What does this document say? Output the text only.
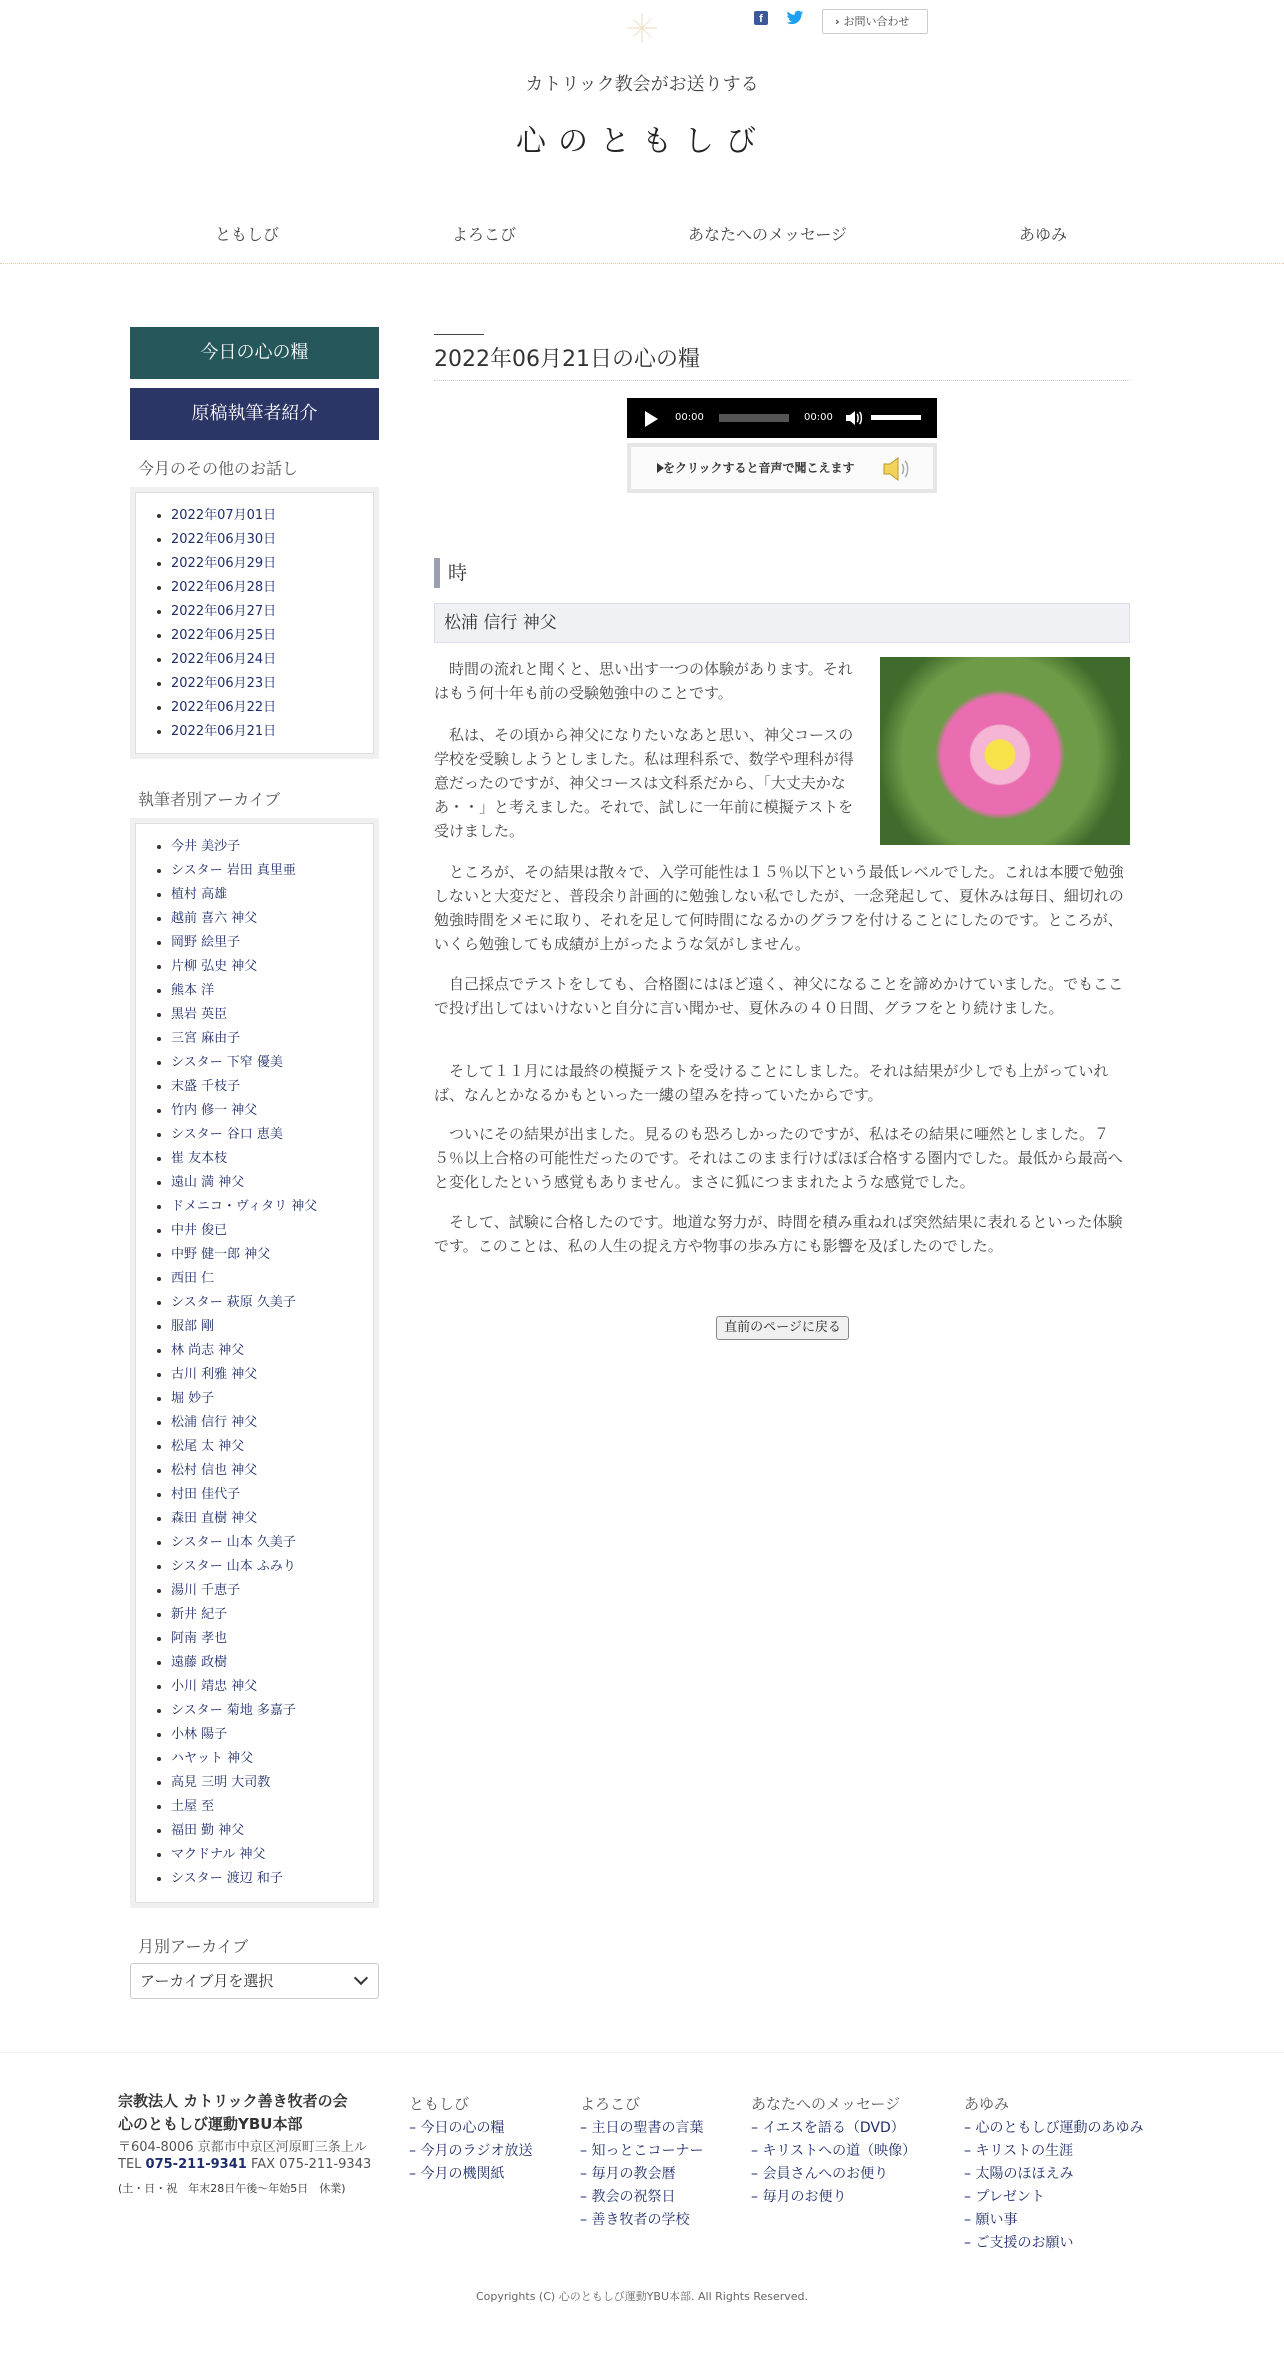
f	› お問い合わせ
カトリック教会がお送りする
心のともしび
ともしび	よろこび	あなたへのメッセージ	あゆみ
今日の心の糧
原稿執筆者紹介
今月のその他のお話し
2022年07月01日
2022年06月30日
2022年06月29日
2022年06月28日
2022年06月27日
2022年06月25日
2022年06月24日
2022年06月23日
2022年06月22日
2022年06月21日
執筆者別アーカイブ
今井 美沙子
シスター 岩田 真里亜
植村 高雄
越前 喜六 神父
岡野 絵里子
片柳 弘史 神父
熊本 洋
黒岩 英臣
三宮 麻由子
シスター 下窄 優美
末盛 千枝子
竹内 修一 神父
シスター 谷口 恵美
崔 友本枝
遠山 満 神父
ドメニコ・ヴィタリ 神父
中井 俊已
中野 健一郎 神父
西田 仁
シスター 萩原 久美子
服部 剛
林 尚志 神父
古川 利雅 神父
堀 妙子
松浦 信行 神父
松尾 太 神父
松村 信也 神父
村田 佳代子
森田 直樹 神父
シスター 山本 久美子
シスター 山本 ふみり
湯川 千恵子
新井 紀子
阿南 孝也
遠藤 政樹
小川 靖忠 神父
シスター 菊地 多嘉子
小林 陽子
ハヤット 神父
高見 三明 大司教
土屋 至
福田 勤 神父
マクドナル 神父
シスター 渡辺 和子
月別アーカイブ
アーカイブ月を選択
2022年06月21日の心の糧
00:00	00:00
をクリックすると音声で聞こえます
時
松浦 信行 神父
時間の流れと聞くと、思い出す一つの体験があります。それはもう何十年も前の受験勉強中のことです。
私は、その頃から神父になりたいなあと思い、神父コースの学校を受験しようとしました。私は理科系で、数学や理科が得意だったのですが、神父コースは文科系だから、「大丈夫かなあ・・」と考えました。それで、試しに一年前に模擬テストを受けました。
ところが、その結果は散々で、入学可能性は１５％以下という最低レベルでした。これは本腰で勉強しないと大変だと、普段余り計画的に勉強しない私でしたが、一念発起して、夏休みは毎日、細切れの勉強時間をメモに取り、それを足して何時間になるかのグラフを付けることにしたのです。ところが、いくら勉強しても成績が上がったような気がしません。
自己採点でテストをしても、合格圏にはほど遠く、神父になることを諦めかけていました。でもここで投げ出してはいけないと自分に言い聞かせ、夏休みの４０日間、グラフをとり続けました。
そして１１月には最終の模擬テストを受けることにしました。それは結果が少しでも上がっていれば、なんとかなるかもといった一縷の望みを持っていたからです。
ついにその結果が出ました。見るのも恐ろしかったのですが、私はその結果に唖然としました。７５％以上合格の可能性だったのです。それはこのまま行けばほぼ合格する圏内でした。最低から最高へと変化したという感覚もありません。まさに狐につままれたような感覚でした。
そして、試験に合格したのです。地道な努力が、時間を積み重ねれば突然結果に表れるといった体験です。このことは、私の人生の捉え方や物事の歩み方にも影響を及ぼしたのでした。
直前のページに戻る
宗教法人 カトリック善き牧者の会
心のともしび運動YBU本部
〒604-8006 京都市中京区河原町三条上ル
TEL 075-211-9341 FAX 075-211-9343
(土・日・祝　年末28日午後〜年始5日　休業)
ともしび
– 今日の心の糧
– 今月のラジオ放送
– 今月の機関紙
よろこび
– 主日の聖書の言葉
– 知っとこコーナー
– 毎月の教会暦
– 教会の祝祭日
– 善き牧者の学校
あなたへのメッセージ
– イエスを語る（DVD）
– キリストへの道（映像）
– 会員さんへのお便り
– 毎月のお便り
あゆみ
– 心のともしび運動のあゆみ
– キリストの生涯
– 太陽のほほえみ
– プレゼント
– 願い事
– ご支援のお願い
Copyrights (C) 心のともしび運動YBU本部. All Rights Reserved.
